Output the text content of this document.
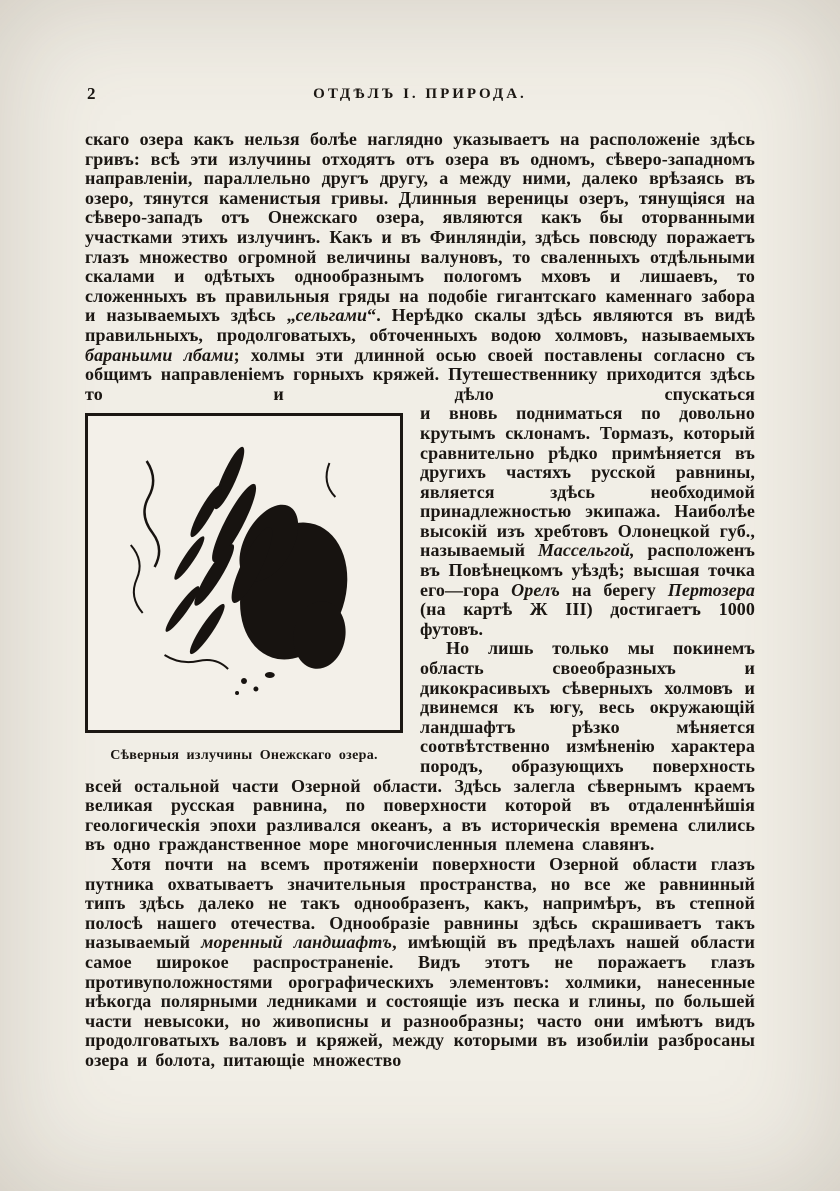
2	ОТДѢЛЪ I. ПРИРОДА.

скаго озера какъ нельзя болѣе наглядно указываетъ на расположеніе здѣсь гривъ: всѣ эти излучины отходятъ отъ озера въ одномъ, сѣверо-западномъ направленіи, параллельно другъ другу, а между ними, далеко врѣзаясь въ озеро, тянутся каменистыя гривы. Длинныя вереницы озеръ, тянущіяся на сѣверо-западъ отъ Онежскаго озера, являются какъ бы оторванными участками этихъ излучинъ. Какъ и въ Финляндіи, здѣсь повсюду поражаетъ глазъ множество огромной величины валуновъ, то сваленныхъ отдѣльными скалами и одѣтыхъ однообразнымъ пологомъ мховъ и лишаевъ, то сложенныхъ въ правильныя гряды на подобіе гигантскаго каменнаго забора и называемыхъ здѣсь „сельгами“. Нерѣдко скалы здѣсь являются въ видѣ правильныхъ, продолговатыхъ, обточенныхъ водою холмовъ, называемыхъ бараньими лбами; холмы эти длинной осью своей поставлены согласно съ общимъ направленіемъ горныхъ кряжей. Путешественнику приходится здѣсь то и дѣло спускаться

Сѣверныя излучины Онежскаго озера.

и вновь подниматься по довольно крутымъ склонамъ. Тормазъ, который сравнительно рѣдко примѣняется въ другихъ частяхъ русской равнины, является здѣсь необходимой принадлежностью экипажа. Наиболѣе высокій изъ хребтовъ Олонецкой губ., называемый Массельгой, расположенъ въ Повѣнецкомъ уѣздѣ; высшая точка его—гора Орелъ на берегу Пертозера (на картѣ Ж III) достигаетъ 1000 футовъ.

Но лишь только мы покинемъ область своеобразныхъ и дикокрасивыхъ сѣверныхъ холмовъ и двинемся къ югу, весь окружающій ландшафтъ рѣзко мѣняется соотвѣтственно измѣненію характера породъ, образующихъ поверхность всей остальной части Озерной области. Здѣсь залегла сѣвернымъ краемъ великая русская равнина, по поверхности которой въ отдаленнѣйшія геологическія эпохи разливался океанъ, а въ историческія времена слились въ одно гражданственное море многочисленныя племена славянъ.

Хотя почти на всемъ протяженіи поверхности Озерной области глазъ путника охватываетъ значительныя пространства, но все же равнинный типъ здѣсь далеко не такъ однообразенъ, какъ, напримѣръ, въ степной полосѣ нашего отечества. Однообразіе равнины здѣсь скрашиваетъ такъ называемый моренный ландшафтъ, имѣющій въ предѣлахъ нашей области самое широкое распространеніе. Видъ этотъ не поражаетъ глазъ противуположностями орографическихъ элементовъ: холмики, нанесенные нѣкогда полярными ледниками и состоящіе изъ песка и глины, по большей части невысоки, но живописны и разнообразны; часто они имѣютъ видъ продолговатыхъ валовъ и кряжей, между которыми въ изобиліи разбросаны озера и болота, питающіе множество
